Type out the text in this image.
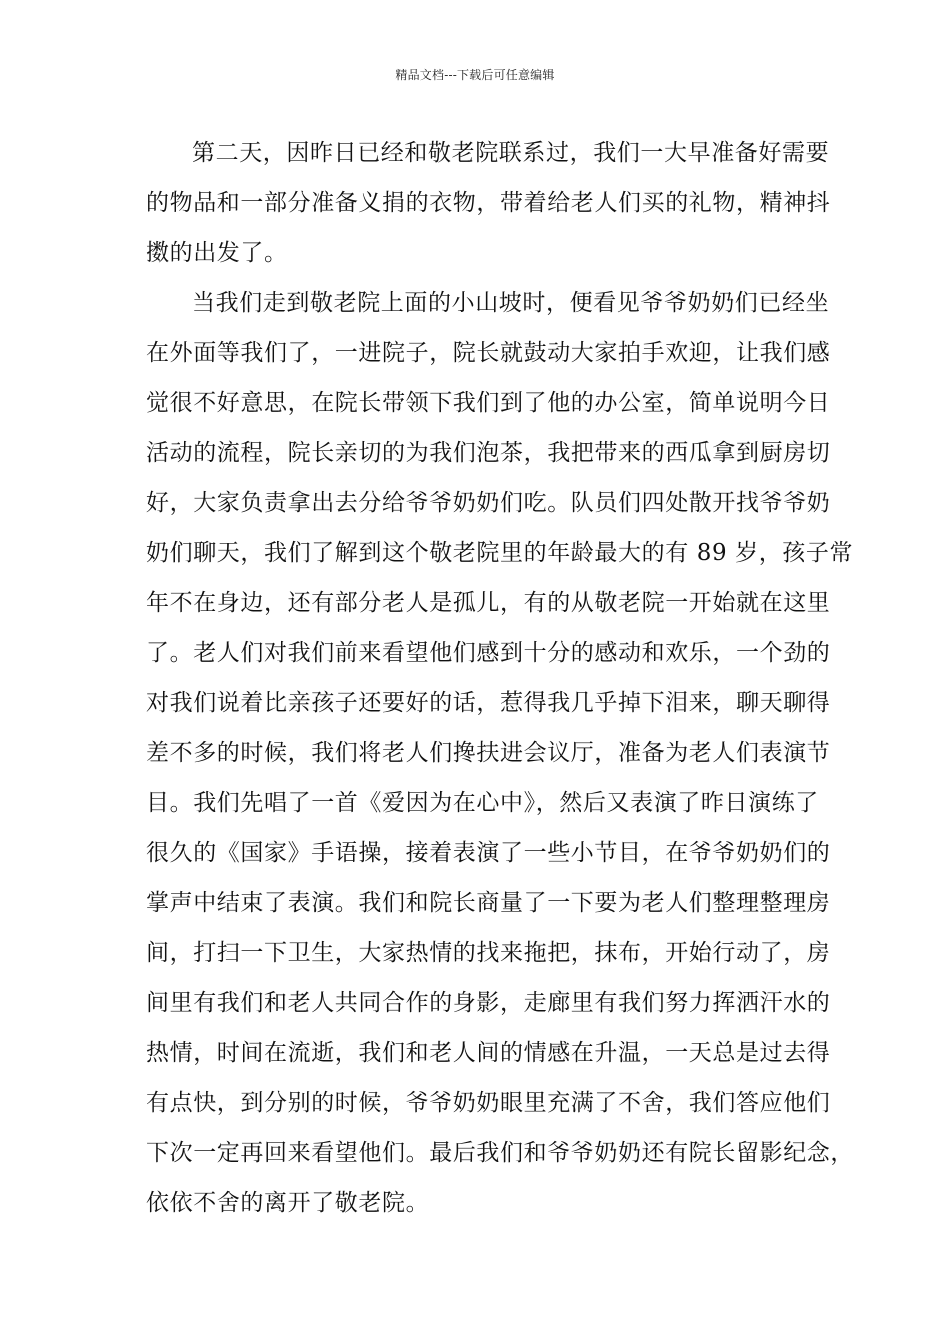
精品文档---下载后可任意编辑
第二天，因昨日已经和敬老院联系过，我们一大早准备好需要
的物品和一部分准备义捐的衣物，带着给老人们买的礼物，精神抖
擞的出发了。
当我们走到敬老院上面的小山坡时，便看见爷爷奶奶们已经坐
在外面等我们了，一进院子，院长就鼓动大家拍手欢迎，让我们感
觉很不好意思，在院长带领下我们到了他的办公室，简单说明今日
活动的流程，院长亲切的为我们泡茶，我把带来的西瓜拿到厨房切
好，大家负责拿出去分给爷爷奶奶们吃。队员们四处散开找爷爷奶
奶们聊天，我们了解到这个敬老院里的年龄最大的有 89 岁，孩子常
年不在身边，还有部分老人是孤儿，有的从敬老院一开始就在这里
了。老人们对我们前来看望他们感到十分的感动和欢乐，一个劲的
对我们说着比亲孩子还要好的话，惹得我几乎掉下泪来，聊天聊得
差不多的时候，我们将老人们搀扶进会议厅，准备为老人们表演节
目。我们先唱了一首《爱因为在心中》，然后又表演了昨日演练了
很久的《国家》手语操，接着表演了一些小节目，在爷爷奶奶们的
掌声中结束了表演。我们和院长商量了一下要为老人们整理整理房
间，打扫一下卫生，大家热情的找来拖把，抹布，开始行动了，房
间里有我们和老人共同合作的身影，走廊里有我们努力挥洒汗水的
热情，时间在流逝，我们和老人间的情感在升温，一天总是过去得
有点快，到分别的时候，爷爷奶奶眼里充满了不舍，我们答应他们
下次一定再回来看望他们。最后我们和爷爷奶奶还有院长留影纪念，
依依不舍的离开了敬老院。
